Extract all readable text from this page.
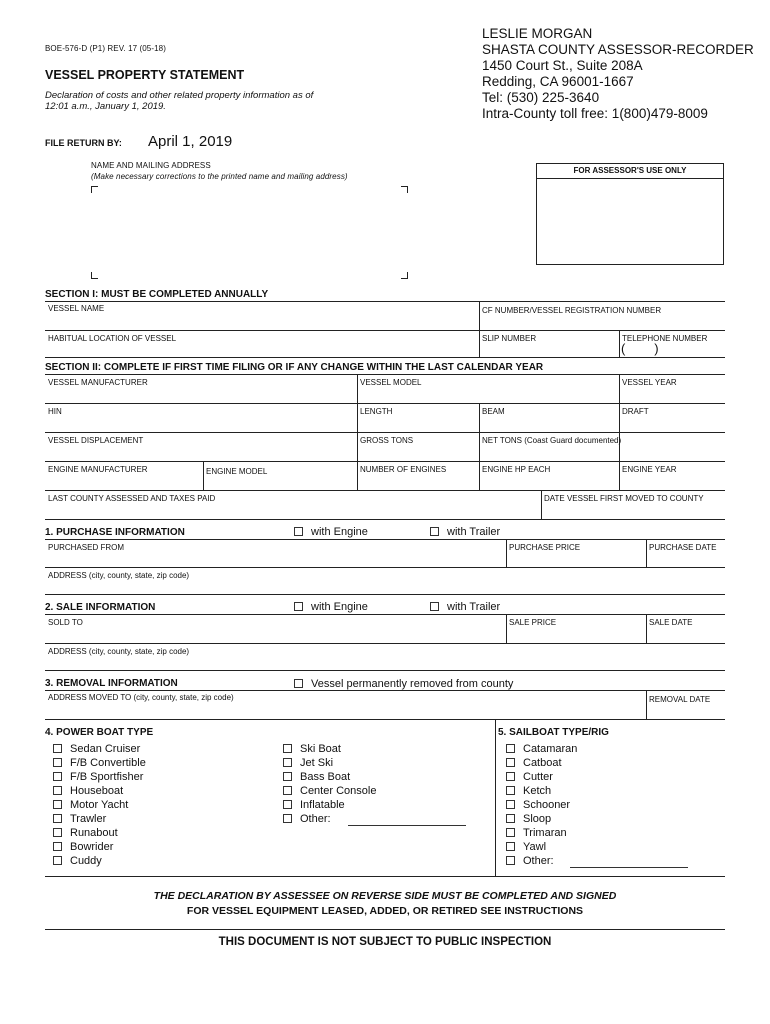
BOE-576-D (P1) REV. 17 (05-18)
VESSEL PROPERTY STATEMENT
Declaration of costs and other related property information as of
12:01 a.m., January 1, 2019.
LESLIE MORGAN
SHASTA COUNTY ASSESSOR-RECORDER
1450 Court St., Suite 208A
Redding, CA 96001-1667
Tel: (530) 225-3640
Intra-County toll free: 1(800)479-8009
FILE RETURN BY: April 1, 2019
NAME AND MAILING ADDRESS
(Make necessary corrections to the printed name and mailing address)
FOR ASSESSOR'S USE ONLY
SECTION I: MUST BE COMPLETED ANNUALLY
VESSEL NAME	CF NUMBER/VESSEL REGISTRATION NUMBER
HABITUAL LOCATION OF VESSEL	SLIP NUMBER	TELEPHONE NUMBER
(        )
SECTION II: COMPLETE IF FIRST TIME FILING OR IF ANY CHANGE WITHIN THE LAST CALENDAR YEAR
VESSEL MANUFACTURER	VESSEL MODEL	VESSEL YEAR
HIN	LENGTH	BEAM	DRAFT
VESSEL DISPLACEMENT	GROSS TONS	NET TONS (Coast Guard documented)
ENGINE MANUFACTURER	ENGINE MODEL	NUMBER OF ENGINES	ENGINE HP EACH	ENGINE YEAR
LAST COUNTY ASSESSED AND TAXES PAID	DATE VESSEL FIRST MOVED TO COUNTY
1. PURCHASE INFORMATION	with Engine	with Trailer
PURCHASED FROM	PURCHASE PRICE	PURCHASE DATE
ADDRESS (city, county, state, zip code)
2. SALE INFORMATION	with Engine	with Trailer
SOLD TO	SALE PRICE	SALE DATE
ADDRESS (city, county, state, zip code)
3. REMOVAL INFORMATION	Vessel permanently removed from county
ADDRESS MOVED TO (city, county, state, zip code)	REMOVAL DATE
4. POWER BOAT TYPE	5. SAILBOAT TYPE/RIG
Sedan Cruiser
F/B Convertible
F/B Sportfisher
Houseboat
Motor Yacht
Trawler
Runabout
Bowrider
Cuddy
Ski Boat
Jet Ski
Bass Boat
Center Console
Inflatable
Other:
Catamaran
Catboat
Cutter
Ketch
Schooner
Sloop
Trimaran
Yawl
Other:
THE DECLARATION BY ASSESSEE ON REVERSE SIDE MUST BE COMPLETED AND SIGNED
FOR VESSEL EQUIPMENT LEASED, ADDED, OR RETIRED SEE INSTRUCTIONS
THIS DOCUMENT IS NOT SUBJECT TO PUBLIC INSPECTION
